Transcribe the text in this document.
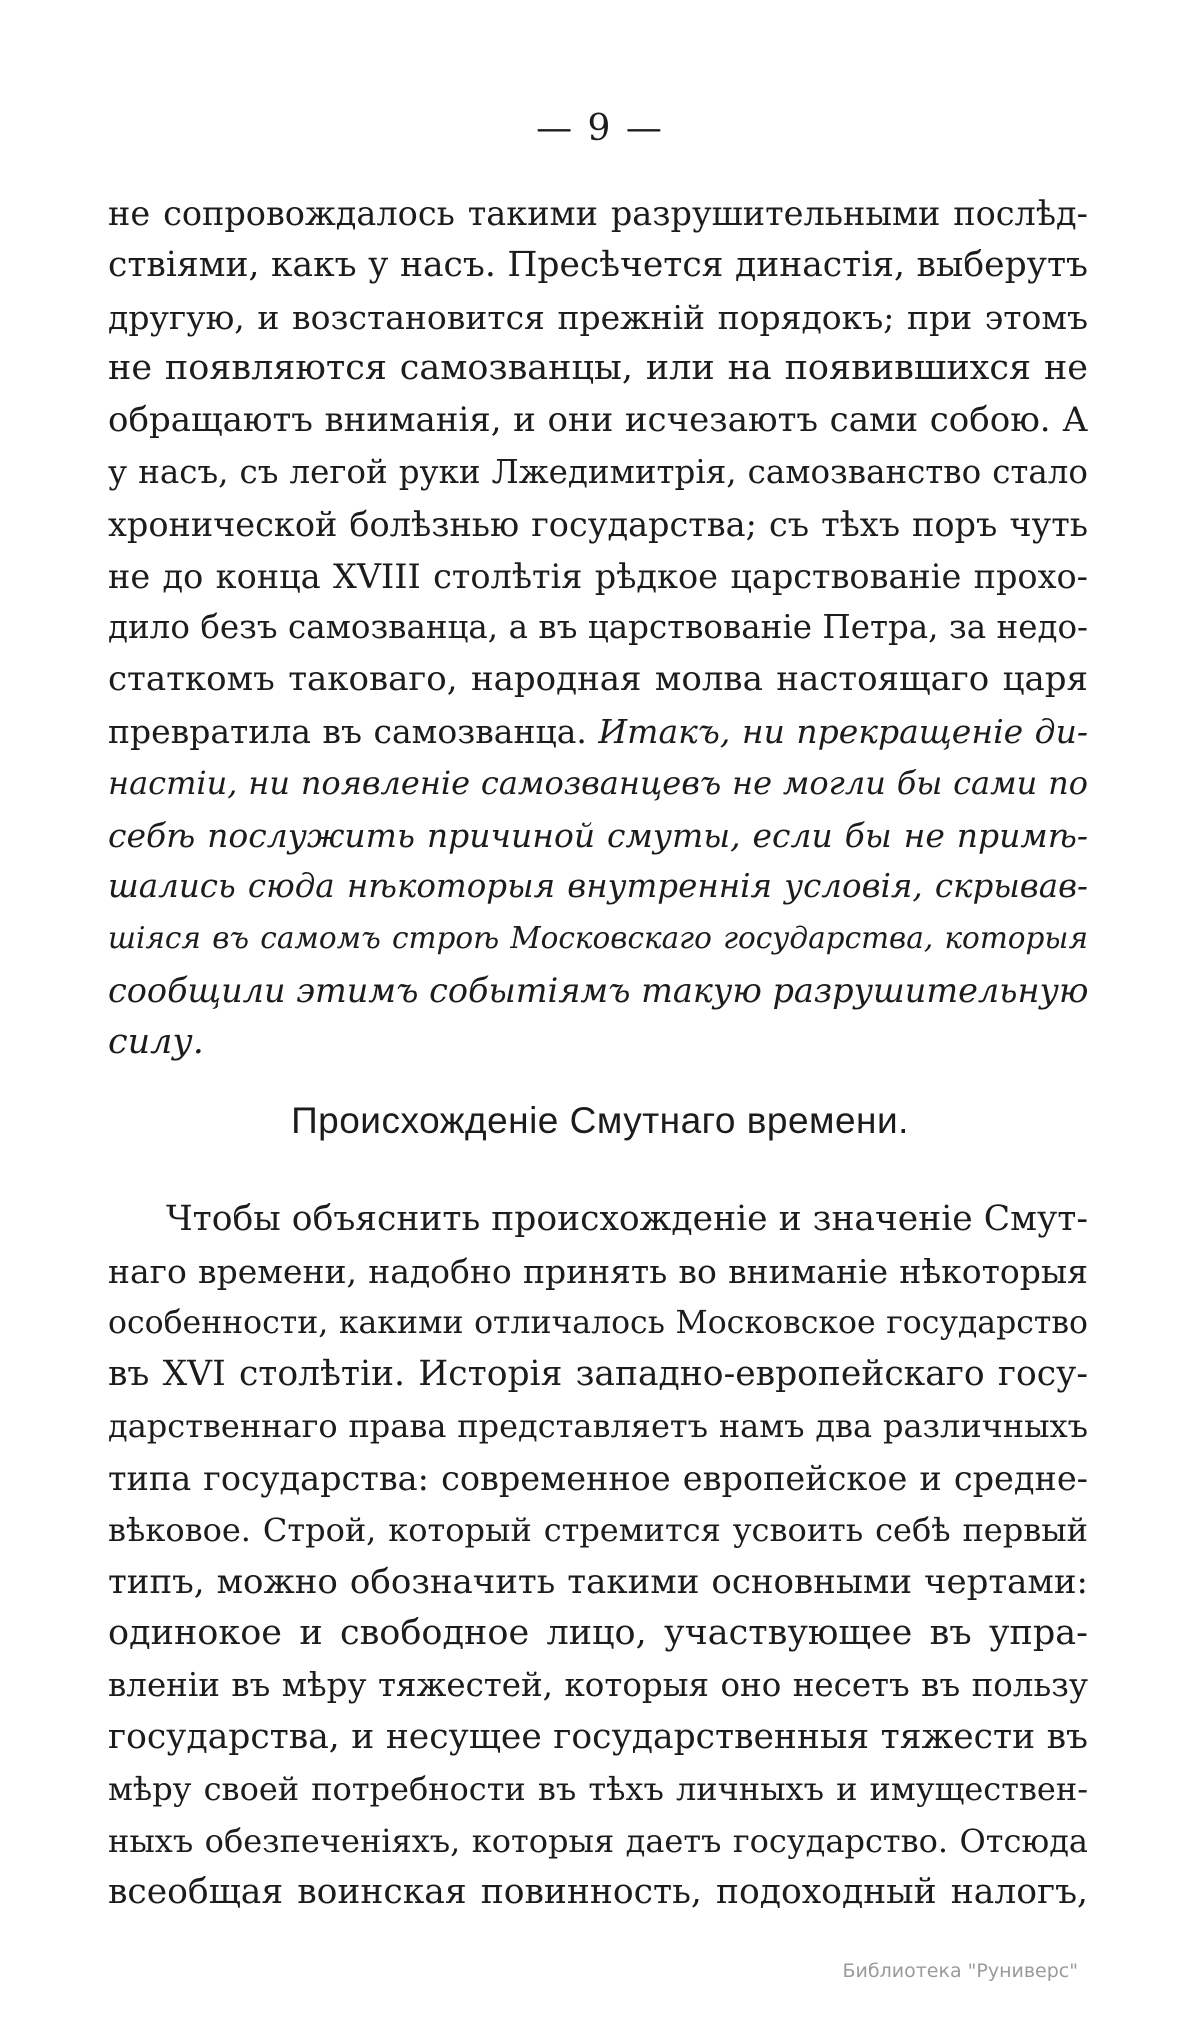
— 9 —
не сопровождалось такими разрушительными послѣд-
ствіями, какъ у насъ. Пресѣчется династія, выберутъ
другую, и возстановится прежній порядокъ; при этомъ
не появляются самозванцы, или на появившихся не
обращаютъ вниманія, и они исчезаютъ сами собою. А
у насъ, съ легой руки Лжедимитрія, самозванство стало
хронической болѣзнью государства; съ тѣхъ поръ чуть
не до конца XVIII столѣтія рѣдкое царствованіе прохо-
дило безъ самозванца, а въ царствованіе Петра, за недо-
статкомъ таковаго, народная молва настоящаго царя
превратила въ самозванца. Итакъ, ни прекращеніе ди-
настіи, ни появленіе самозванцевъ не могли бы сами по
себѣ послужить причиной смуты, если бы не примѣ-
шались сюда нѣкоторыя внутреннія условія, скрывав-
шіяся въ самомъ строѣ Московскаго государства, которыя
сообщили этимъ событіямъ такую разрушительную
силу.
Происхожденіе Смутнаго времени.
Чтобы объяснить происхожденіе и значеніе Смут-
наго времени, надобно принять во вниманіе нѣкоторыя
особенности, какими отличалось Московское государство
въ XVI столѣтіи. Исторія западно-европейскаго госу-
дарственнаго права представляетъ намъ два различныхъ
типа государства: современное европейское и средне-
вѣковое. Строй, который стремится усвоить себѣ первый
типъ, можно обозначить такими основными чертами:
одинокое и свободное лицо, участвующее въ упра-
вленіи въ мѣру тяжестей, которыя оно несетъ въ пользу
государства, и несущее государственныя тяжести въ
мѣру своей потребности въ тѣхъ личныхъ и имуществен-
ныхъ обезпеченіяхъ, которыя даетъ государство. Отсюда
всеобщая воинская повинность, подоходный налогъ,
Библиотека "Руниверс"
